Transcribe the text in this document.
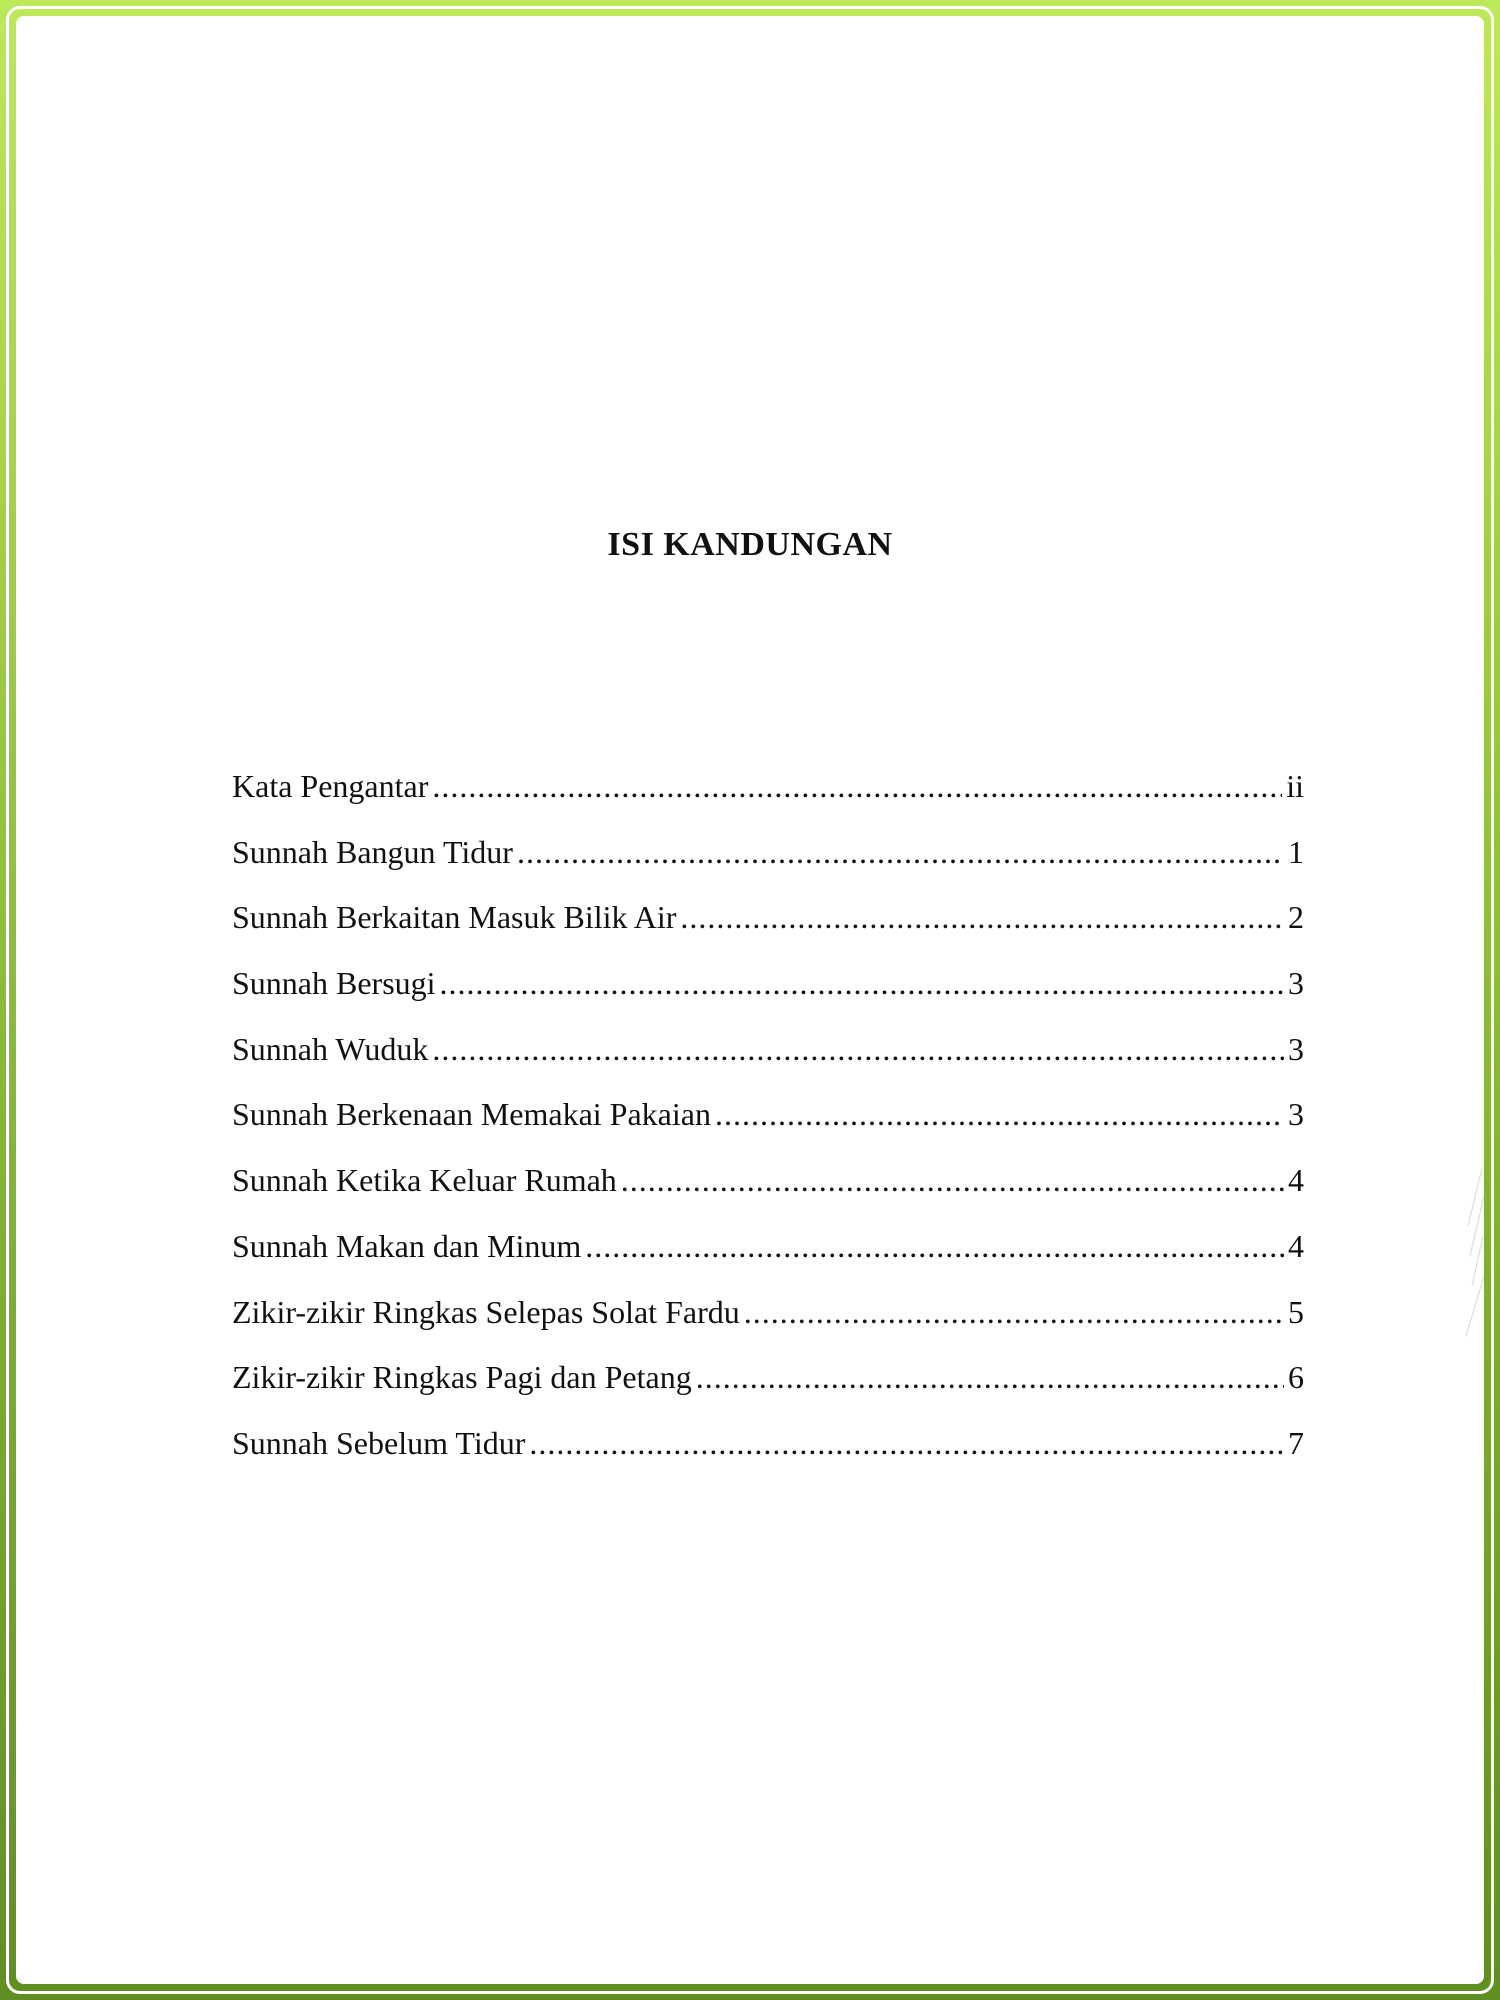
ISI KANDUNGAN
Kata Pengantar .....	ii
Sunnah Bangun Tidur .....	1
Sunnah Berkaitan Masuk Bilik Air .....	2
Sunnah Bersugi .....	3
Sunnah Wuduk .....	3
Sunnah Berkenaan Memakai Pakaian .....	3
Sunnah Ketika Keluar Rumah .....	4
Sunnah Makan dan Minum .....	4
Zikir-zikir Ringkas Selepas Solat Fardu .....	5
Zikir-zikir Ringkas Pagi dan Petang .....	6
Sunnah Sebelum Tidur .....	7
